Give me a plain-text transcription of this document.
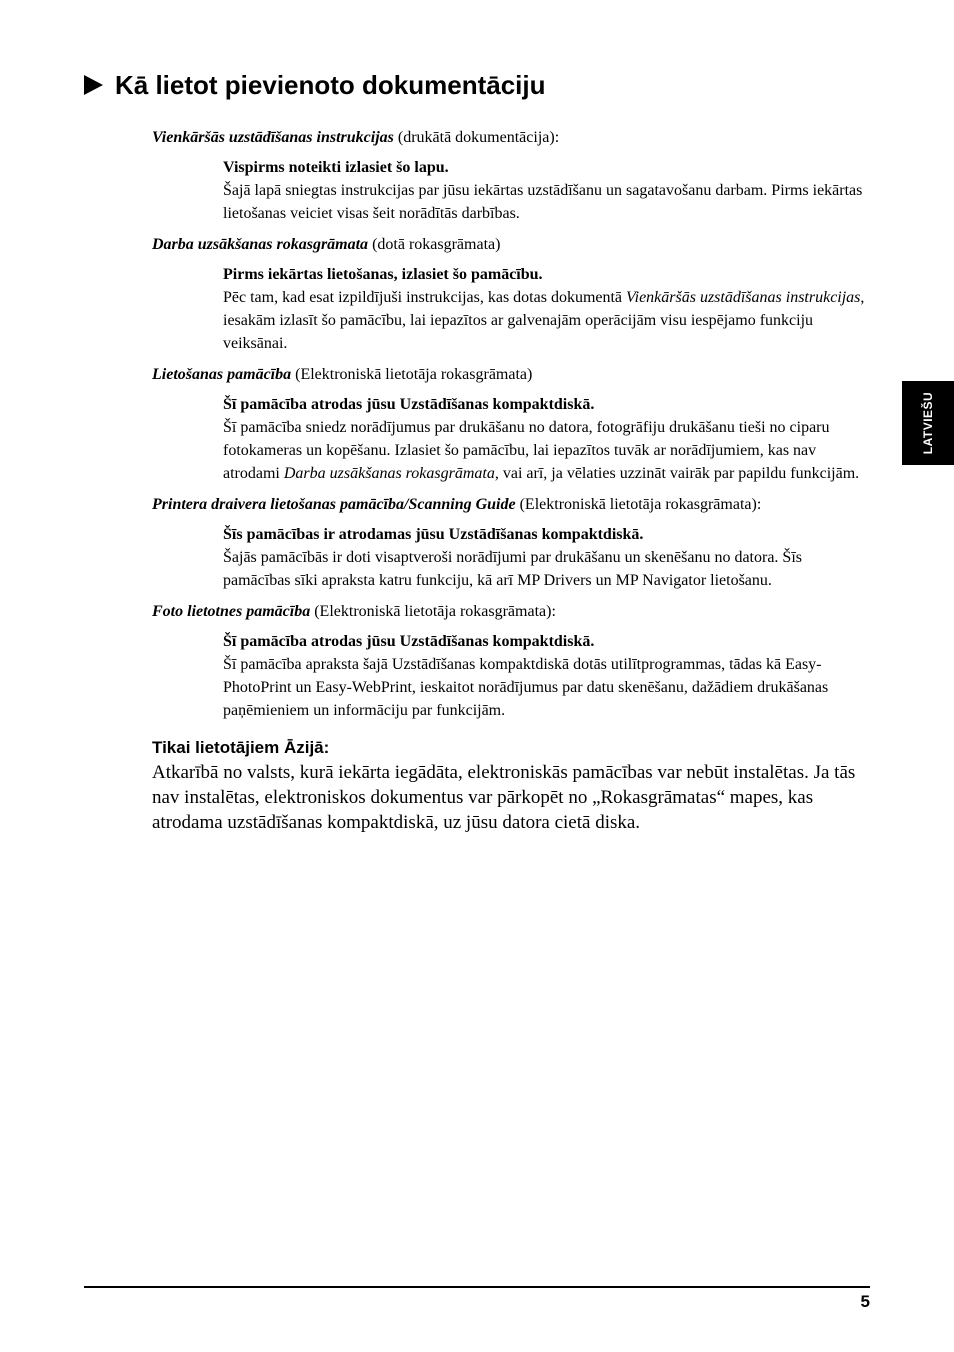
Kā lietot pievienoto dokumentāciju
LATVIEŠU

Vienkāršās uzstādīšanas instrukcijas (drukātā dokumentācija):

Vispirms noteikti izlasiet šo lapu.
Šajā lapā sniegtas instrukcijas par jūsu iekārtas uzstādīšanu un sagatavošanu darbam. Pirms iekārtas lietošanas veiciet visas šeit norādītās darbības.

Darba uzsākšanas rokasgrāmata (dotā rokasgrāmata)

Pirms iekārtas lietošanas, izlasiet šo pamācību.
Pēc tam, kad esat izpildījuši instrukcijas, kas dotas dokumentā Vienkāršās uzstādīšanas instrukcijas, iesakām izlasīt šo pamācību, lai iepazītos ar galvenajām operācijām visu iespējamo funkciju veiksānai.

Lietošanas pamācība (Elektroniskā lietotāja rokasgrāmata)

Šī pamācība atrodas jūsu Uzstādīšanas kompaktdiskā.
Šī pamācība sniedz norādījumus par drukāšanu no datora, fotogrāfiju drukāšanu tieši no ciparu fotokameras un kopēšanu. Izlasiet šo pamācību, lai iepazītos tuvāk ar norādījumiem, kas nav atrodami Darba uzsākšanas rokasgrāmata, vai arī, ja vēlaties uzzināt vairāk par papildu funkcijām.

Printera draivera lietošanas pamācība/Scanning Guide (Elektroniskā lietotāja rokasgrāmata):

Šīs pamācības ir atrodamas jūsu Uzstādīšanas kompaktdiskā.
Šajās pamācībās ir doti visaptveroši norādījumi par drukāšanu un skenēšanu no datora. Šīs pamācības sīki apraksta katru funkciju, kā arī MP Drivers un MP Navigator lietošanu.

Foto lietotnes pamācība (Elektroniskā lietotāja rokasgrāmata):

Šī pamācība atrodas jūsu Uzstādīšanas kompaktdiskā.
Šī pamācība apraksta šajā Uzstādīšanas kompaktdiskā dotās utilītprogrammas, tādas kā Easy-PhotoPrint un Easy-WebPrint, ieskaitot norādījumus par datu skenēšanu, dažādiem drukāšanas paņēmieniem un informāciju par funkcijām.
Tikai lietotājiem Āzijā:
Atkarībā no valsts, kurā iekārta iegādāta, elektroniskās pamācības var nebūt instalētas. Ja tās nav instalētas, elektroniskos dokumentus var pārkopēt no „Rokasgrāmatas“ mapes, kas atrodama uzstādīšanas kompaktdiskā, uz jūsu datora cietā diska.
5
